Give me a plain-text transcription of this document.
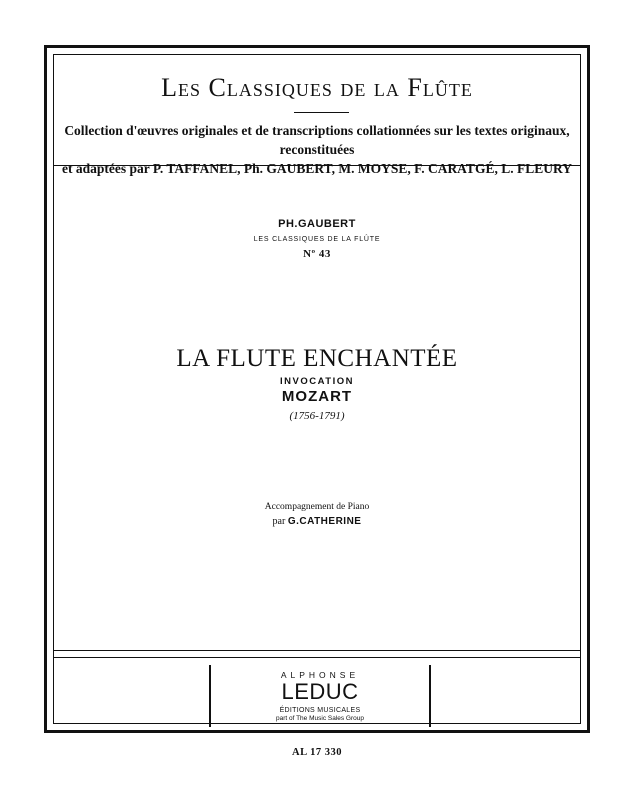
Les Classiques de la Flûte
Collection d'œuvres originales et de transcriptions collationnées sur les textes originaux, reconstituées
et adaptées par P. TAFFANEL, Ph. GAUBERT, M. MOYSE, F. CARATGÉ, L. FLEURY
PH.GAUBERT
LES CLASSIQUES DE LA FLÛTE
Nº 43
LA FLUTE ENCHANTÉE
INVOCATION
MOZART
(1756-1791)
Accompagnement de Piano
par G.CATHERINE
ALPHONSE
LEDUC
ÉDITIONS MUSICALES
part of The Music Sales Group
AL 17 330
